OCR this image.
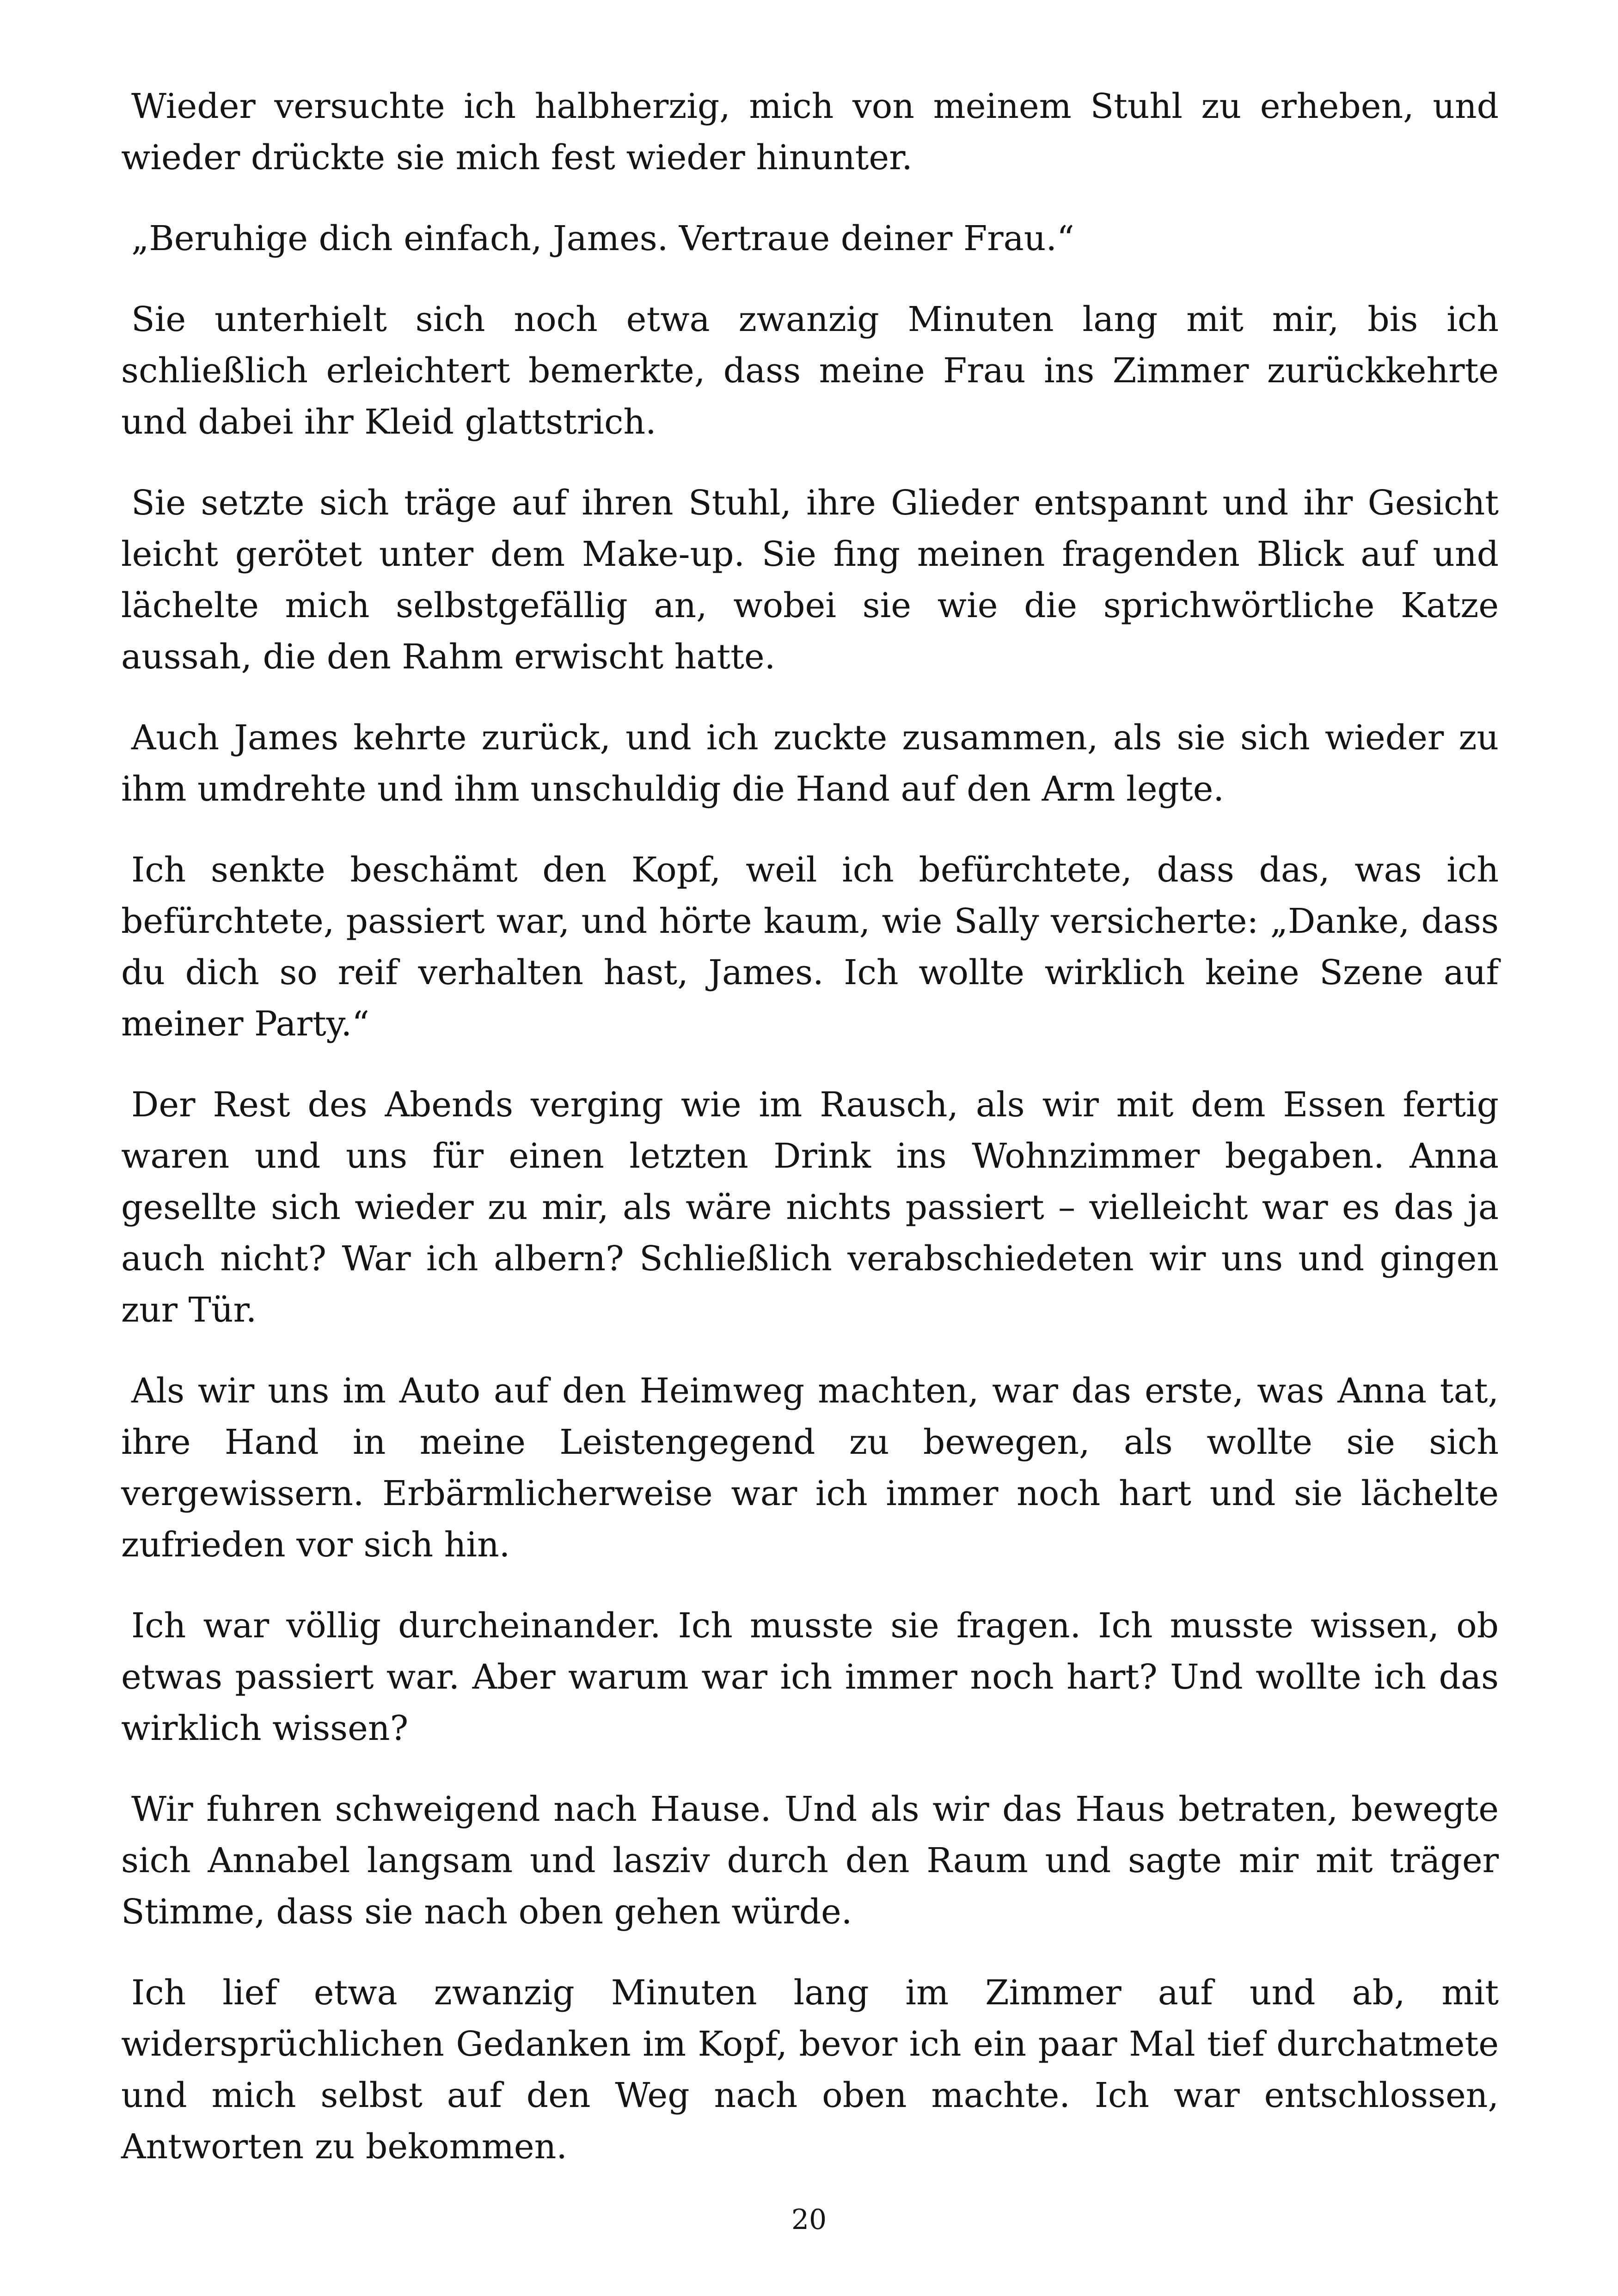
Wieder versuchte ich halbherzig, mich von meinem Stuhl zu erheben, und wieder drückte sie mich fest wieder hinunter.

„Beruhige dich einfach, James. Vertraue deiner Frau.“

Sie unterhielt sich noch etwa zwanzig Minuten lang mit mir, bis ich schließlich erleichtert bemerkte, dass meine Frau ins Zimmer zurückkehrte und dabei ihr Kleid glattstrich.

Sie setzte sich träge auf ihren Stuhl, ihre Glieder entspannt und ihr Gesicht leicht gerötet unter dem Make-up. Sie fing meinen fragenden Blick auf und lächelte mich selbstgefällig an, wobei sie wie die sprichwörtliche Katze aussah, die den Rahm erwischt hatte.

Auch James kehrte zurück, und ich zuckte zusammen, als sie sich wieder zu ihm umdrehte und ihm unschuldig die Hand auf den Arm legte.

Ich senkte beschämt den Kopf, weil ich befürchtete, dass das, was ich befürchtete, passiert war, und hörte kaum, wie Sally versicherte: „Danke, dass du dich so reif verhalten hast, James. Ich wollte wirklich keine Szene auf meiner Party.“

Der Rest des Abends verging wie im Rausch, als wir mit dem Essen fertig waren und uns für einen letzten Drink ins Wohnzimmer begaben. Anna gesellte sich wieder zu mir, als wäre nichts passiert – vielleicht war es das ja auch nicht? War ich albern? Schließlich verabschiedeten wir uns und gingen zur Tür.

Als wir uns im Auto auf den Heimweg machten, war das erste, was Anna tat, ihre Hand in meine Leistengegend zu bewegen, als wollte sie sich vergewissern. Erbärmlicherweise war ich immer noch hart und sie lächelte zufrieden vor sich hin.

Ich war völlig durcheinander. Ich musste sie fragen. Ich musste wissen, ob etwas passiert war. Aber warum war ich immer noch hart? Und wollte ich das wirklich wissen?

Wir fuhren schweigend nach Hause. Und als wir das Haus betraten, bewegte sich Annabel langsam und lasziv durch den Raum und sagte mir mit träger Stimme, dass sie nach oben gehen würde.

Ich lief etwa zwanzig Minuten lang im Zimmer auf und ab, mit widersprüchlichen Gedanken im Kopf, bevor ich ein paar Mal tief durchatmete und mich selbst auf den Weg nach oben machte. Ich war entschlossen, Antworten zu bekommen.

20
